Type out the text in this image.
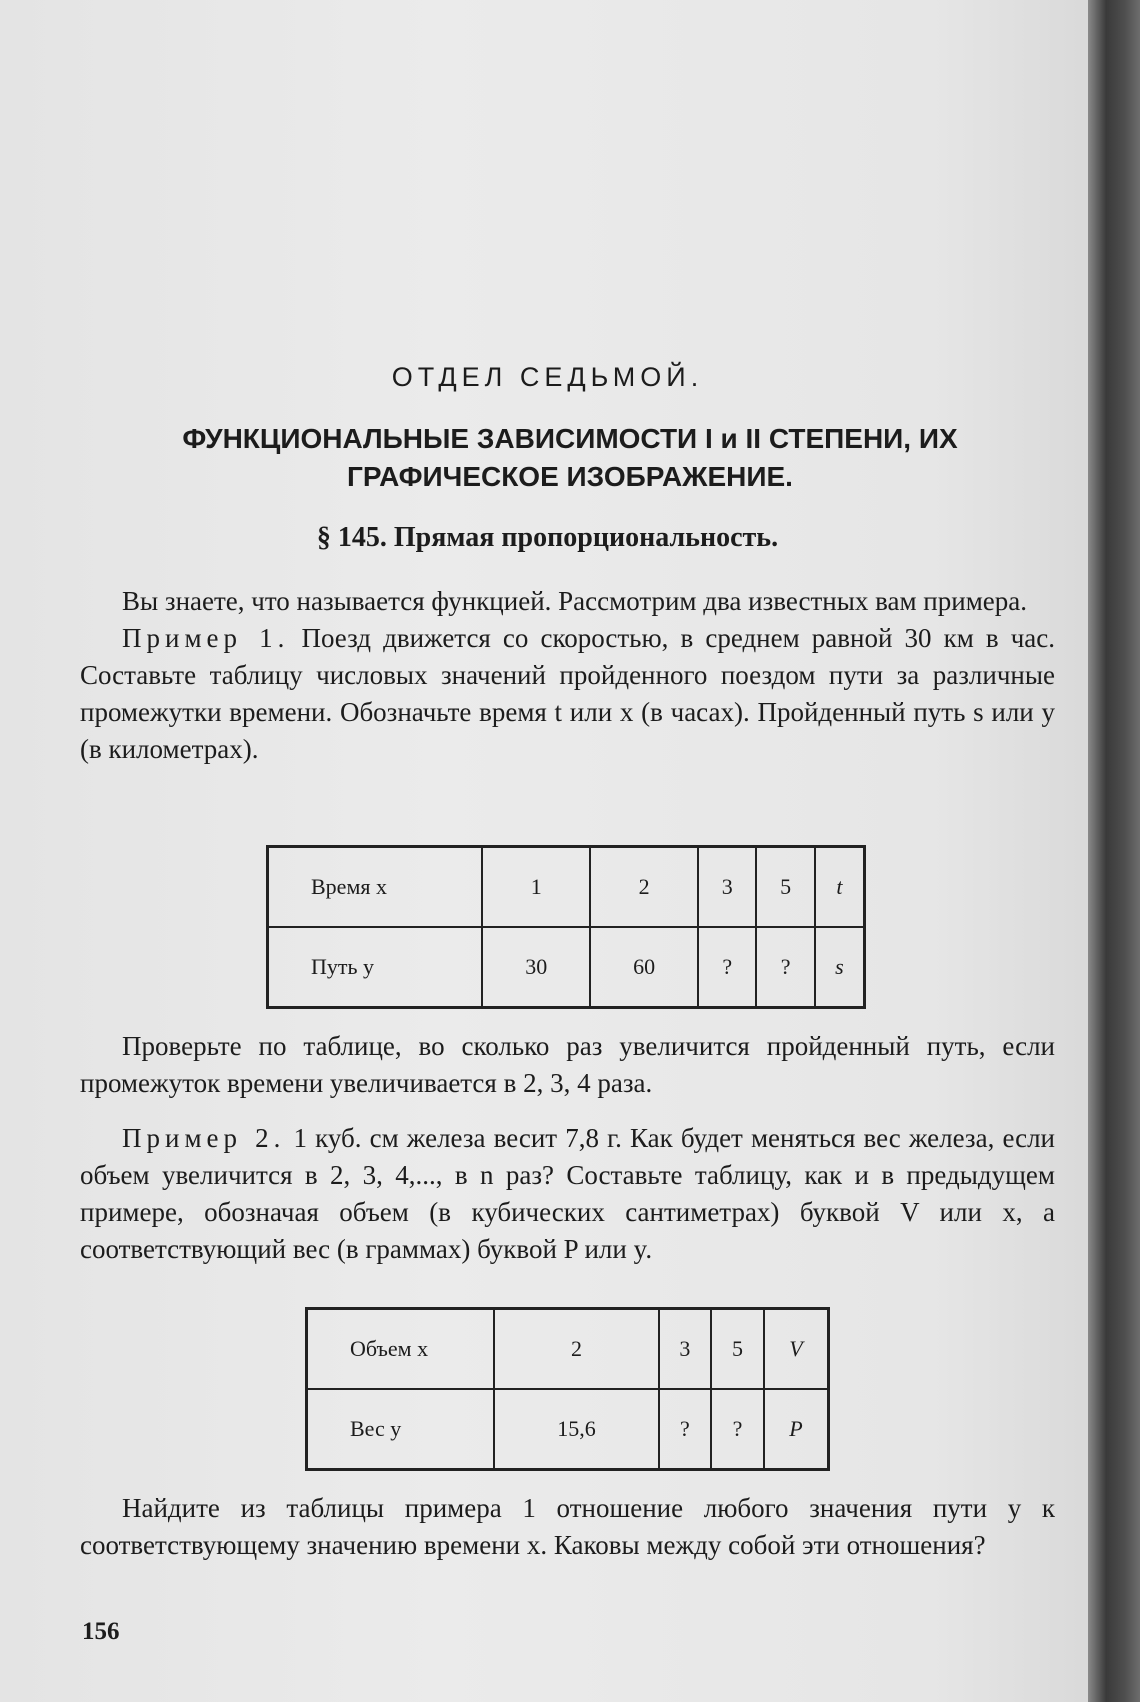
ОТДЕЛ СЕДЬМОЙ.
ФУНКЦИОНАЛЬНЫЕ ЗАВИСИМОСТИ I и II СТЕПЕНИ, ИХ
ГРАФИЧЕСКОЕ ИЗОБРАЖЕНИЕ.
§ 145. Прямая пропорциональность.

Вы знаете, что называется функцией. Рассмотрим два известных вам примера.

Пример 1. Поезд движется со скоростью, в среднем равной 30 км в час. Составьте таблицу числовых значений пройденного поездом пути за различные промежутки времени. Обозначьте время t или x (в часах). Пройденный путь s или y (в километрах).

Время x	1	2	3	5	t
Путь y	30	60	?	?	s

Проверьте по таблице, во сколько раз увеличится пройденный путь, если промежуток времени увеличивается в 2, 3, 4 раза.

Пример 2. 1 куб. см железа весит 7,8 г. Как будет меняться вес железа, если объем увеличится в 2, 3, 4,..., в n раз? Составьте таблицу, как и в предыдущем примере, обозначая объем (в кубических сантиметрах) буквой V или x, а соответствующий вес (в граммах) буквой P или y.

Объем x	2	3	5	V
Вес y	15,6	?	?	P

Найдите из таблицы примера 1 отношение любого значения пути y к соответствующему значению времени x. Каковы между собой эти отношения?

156
